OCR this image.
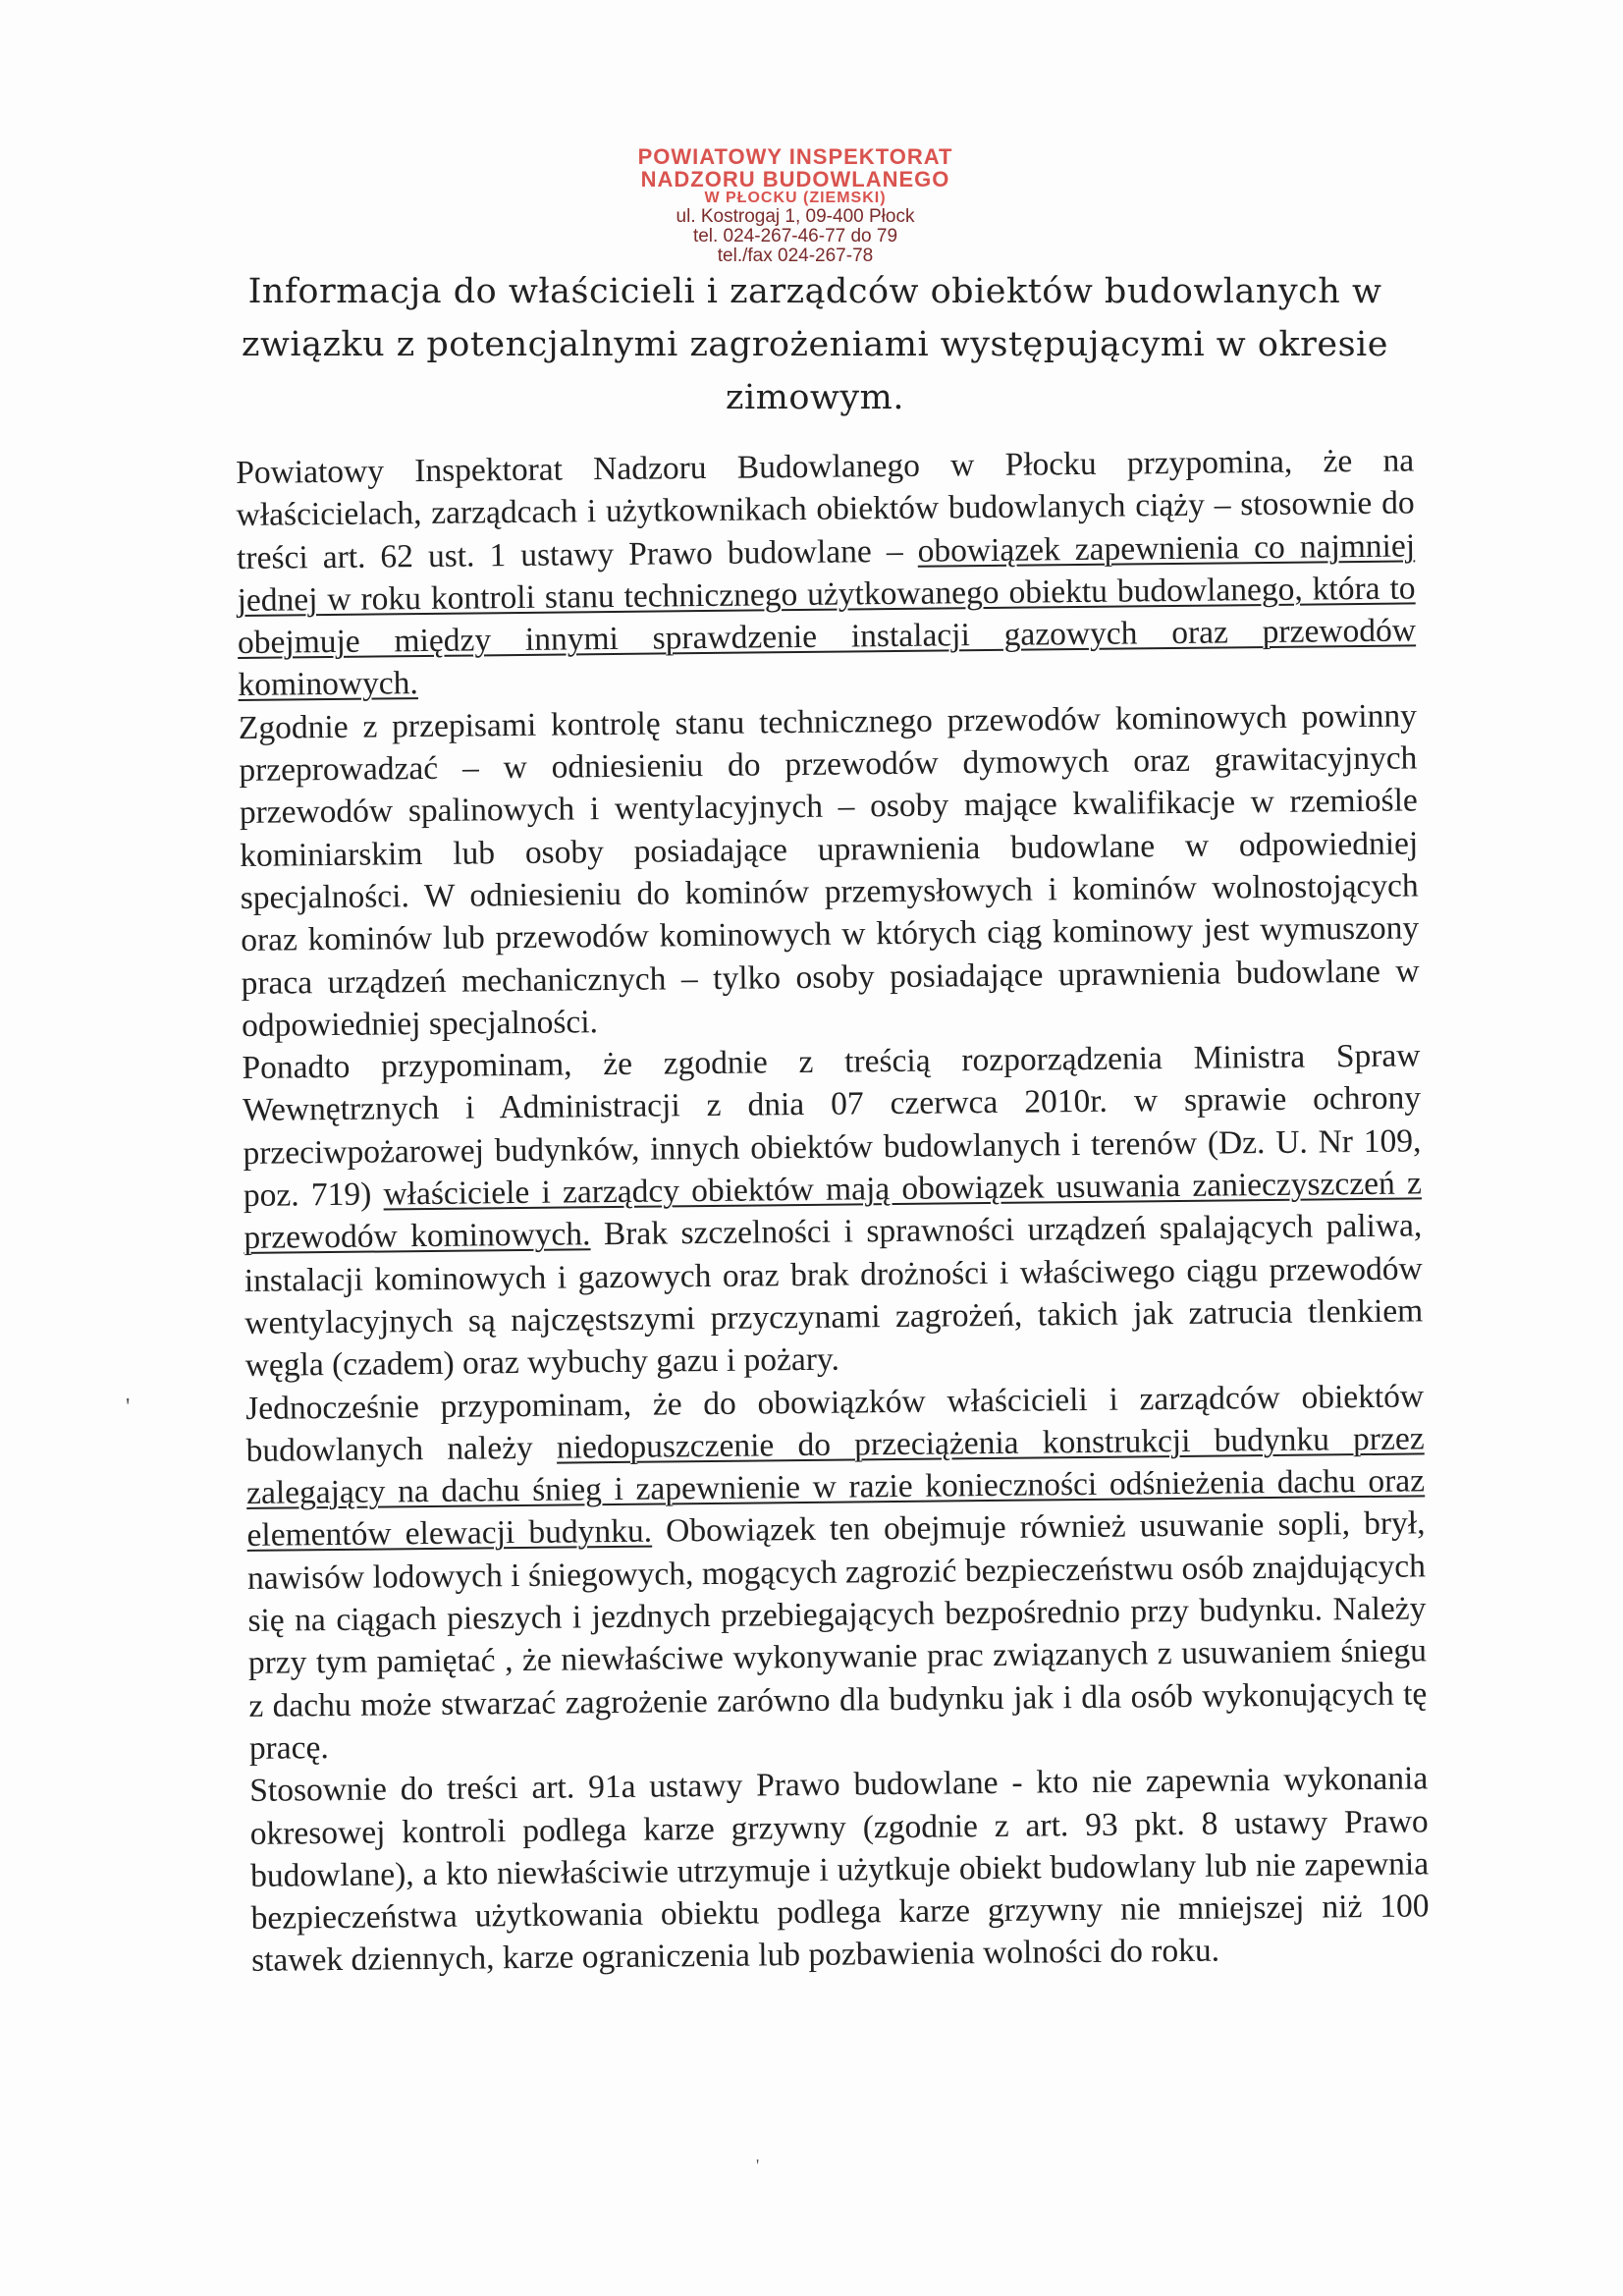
POWIATOWY INSPEKTORAT
NADZORU BUDOWLANEGO
W PŁOCKU (ZIEMSKI)
ul. Kostrogaj 1, 09-400 Płock
tel. 024-267-46-77 do 79
tel./fax 024-267-78
Informacja do właścicieli i zarządców obiektów budowlanych w związku z potencjalnymi zagrożeniami występującymi w okresie zimowym.

Powiatowy Inspektorat Nadzoru Budowlanego w Płocku przypomina, że na właścicielach, zarządcach i użytkownikach obiektów budowlanych ciąży – stosownie do treści art. 62 ust. 1 ustawy Prawo budowlane – obowiązek zapewnienia co najmniej jednej w roku kontroli stanu technicznego użytkowanego obiektu budowlanego, która to obejmuje między innymi sprawdzenie instalacji gazowych oraz przewodów kominowych.

Zgodnie z przepisami kontrolę stanu technicznego przewodów kominowych powinny przeprowadzać – w odniesieniu do przewodów dymowych oraz grawitacyjnych przewodów spalinowych i wentylacyjnych – osoby mające kwalifikacje w rzemiośle kominiarskim lub osoby posiadające uprawnienia budowlane w odpowiedniej specjalności. W odniesieniu do kominów przemysłowych i kominów wolnostojących oraz kominów lub przewodów kominowych w których ciąg kominowy jest wymuszony praca urządzeń mechanicznych – tylko osoby posiadające uprawnienia budowlane w odpowiedniej specjalności.

Ponadto przypominam, że zgodnie z treścią rozporządzenia Ministra Spraw Wewnętrznych i Administracji z dnia 07 czerwca 2010r. w sprawie ochrony przeciwpożarowej budynków, innych obiektów budowlanych i terenów (Dz. U. Nr 109, poz. 719) właściciele i zarządcy obiektów mają obowiązek usuwania zanieczyszczeń z przewodów kominowych. Brak szczelności i sprawności urządzeń spalających paliwa, instalacji kominowych i gazowych oraz brak drożności i właściwego ciągu przewodów wentylacyjnych są najczęstszymi przyczynami zagrożeń, takich jak zatrucia tlenkiem węgla (czadem) oraz wybuchy gazu i pożary.

Jednocześnie przypominam, że do obowiązków właścicieli i zarządców obiektów budowlanych należy niedopuszczenie do przeciążenia konstrukcji budynku przez zalegający na dachu śnieg i zapewnienie w razie konieczności odśnieżenia dachu oraz elementów elewacji budynku. Obowiązek ten obejmuje również usuwanie sopli, brył, nawisów lodowych i śniegowych, mogących zagrozić bezpieczeństwu osób znajdujących się na ciągach pieszych i jezdnych przebiegających bezpośrednio przy budynku. Należy przy tym pamiętać , że niewłaściwe wykonywanie prac związanych z usuwaniem śniegu z dachu może stwarzać zagrożenie zarówno dla budynku jak i dla osób wykonujących tę pracę.

Stosownie do treści art. 91a ustawy Prawo budowlane - kto nie zapewnia wykonania okresowej kontroli podlega karze grzywny (zgodnie z art. 93 pkt. 8 ustawy Prawo budowlane), a kto niewłaściwie utrzymuje i użytkuje obiekt budowlany lub nie zapewnia bezpieczeństwa użytkowania obiektu podlega karze grzywny nie mniejszej niż 100 stawek dziennych, karze ograniczenia lub pozbawienia wolności do roku.

'
'
